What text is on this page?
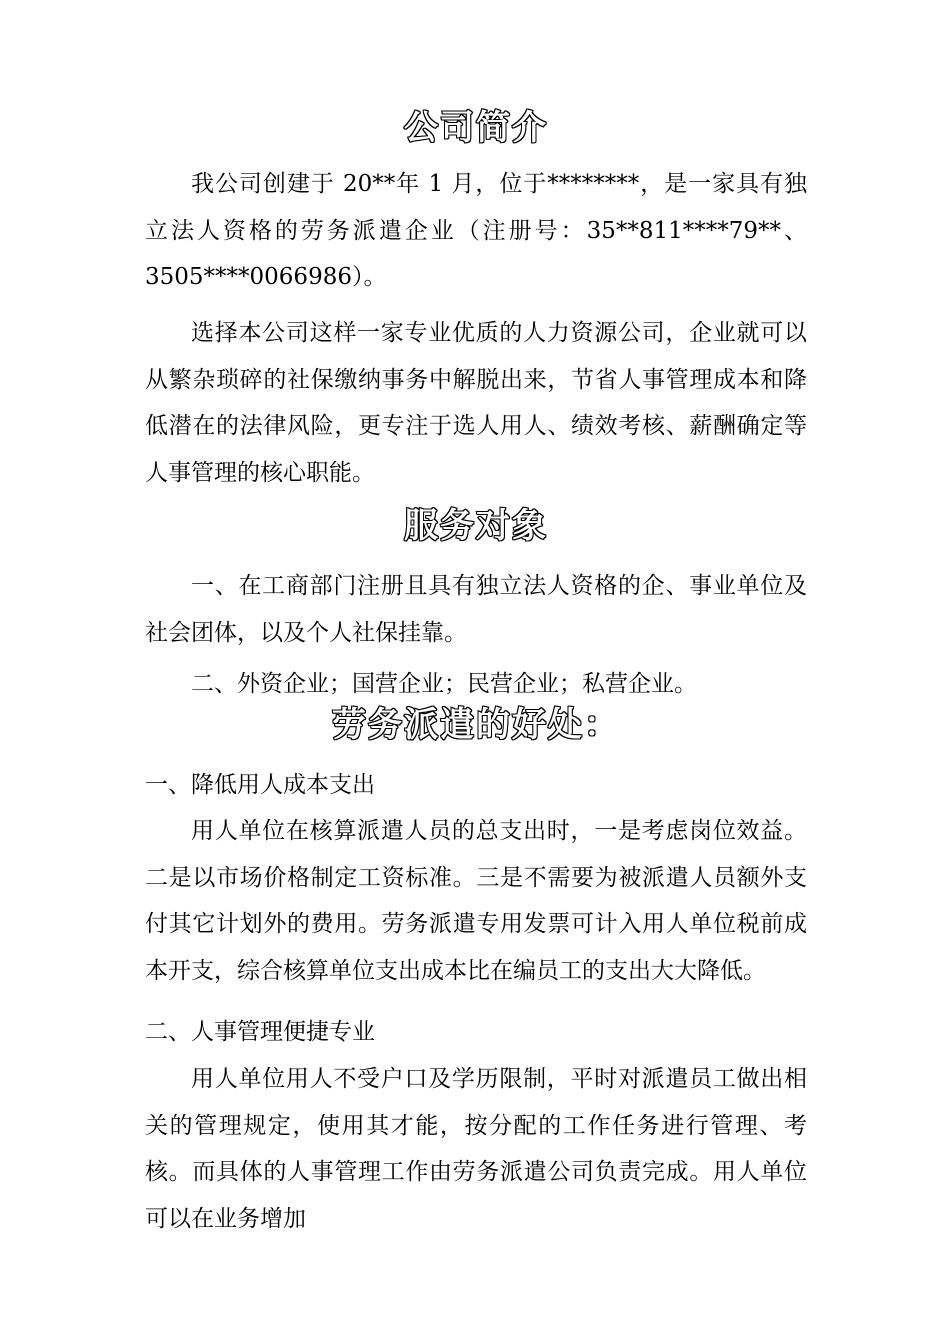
公司简介

我公司创建于 20**年 1 月，位于********，是一家具有独立法人资格的劳务派遣企业（注册号：35**811****79**、3505****0066986）。

选择本公司这样一家专业优质的人力资源公司，企业就可以从繁杂琐碎的社保缴纳事务中解脱出来，节省人事管理成本和降低潜在的法律风险，更专注于选人用人、绩效考核、薪酬确定等人事管理的核心职能。

服务对象

一、在工商部门注册且具有独立法人资格的企、事业单位及社会团体，以及个人社保挂靠。

二、外资企业；国营企业；民营企业；私营企业。

劳务派遣的好处：

一、降低用人成本支出

用人单位在核算派遣人员的总支出时，一是考虑岗位效益。二是以市场价格制定工资标准。三是不需要为被派遣人员额外支付其它计划外的费用。劳务派遣专用发票可计入用人单位税前成本开支，综合核算单位支出成本比在编员工的支出大大降低。

二、人事管理便捷专业

用人单位用人不受户口及学历限制，平时对派遣员工做出相关的管理规定，使用其才能，按分配的工作任务进行管理、考核。而具体的人事管理工作由劳务派遣公司负责完成。用人单位可以在业务增加
